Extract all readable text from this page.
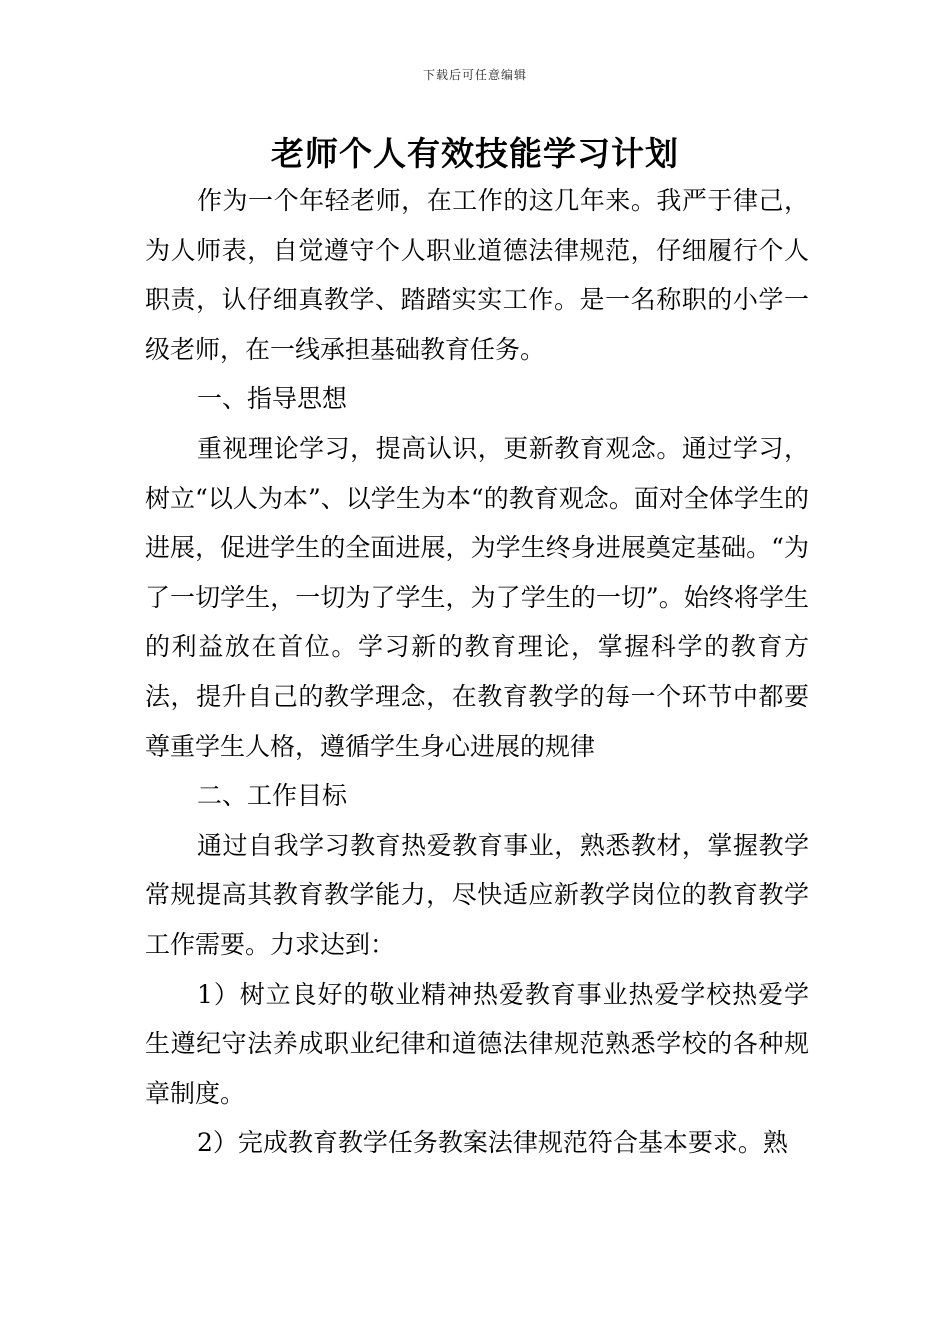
下载后可任意编辑
老师个人有效技能学习计划

作为一个年轻老师，在工作的这几年来。我严于律己，为人师表，自觉遵守个人职业道德法律规范，仔细履行个人职责，认仔细真教学、踏踏实实工作。是一名称职的小学一级老师，在一线承担基础教育任务。

一、指导思想

重视理论学习，提高认识，更新教育观念。通过学习，树立“以人为本”、以学生为本“的教育观念。面对全体学生的进展，促进学生的全面进展，为学生终身进展奠定基础。“为了一切学生，一切为了学生，为了学生的一切”。始终将学生的利益放在首位。学习新的教育理论，掌握科学的教育方法，提升自己的教学理念，在教育教学的每一个环节中都要尊重学生人格，遵循学生身心进展的规律

二、工作目标

通过自我学习教育热爱教育事业，熟悉教材，掌握教学常规提高其教育教学能力，尽快适应新教学岗位的教育教学工作需要。力求达到：

1）树立良好的敬业精神热爱教育事业热爱学校热爱学生遵纪守法养成职业纪律和道德法律规范熟悉学校的各种规章制度。

2）完成教育教学任务教案法律规范符合基本要求。熟
